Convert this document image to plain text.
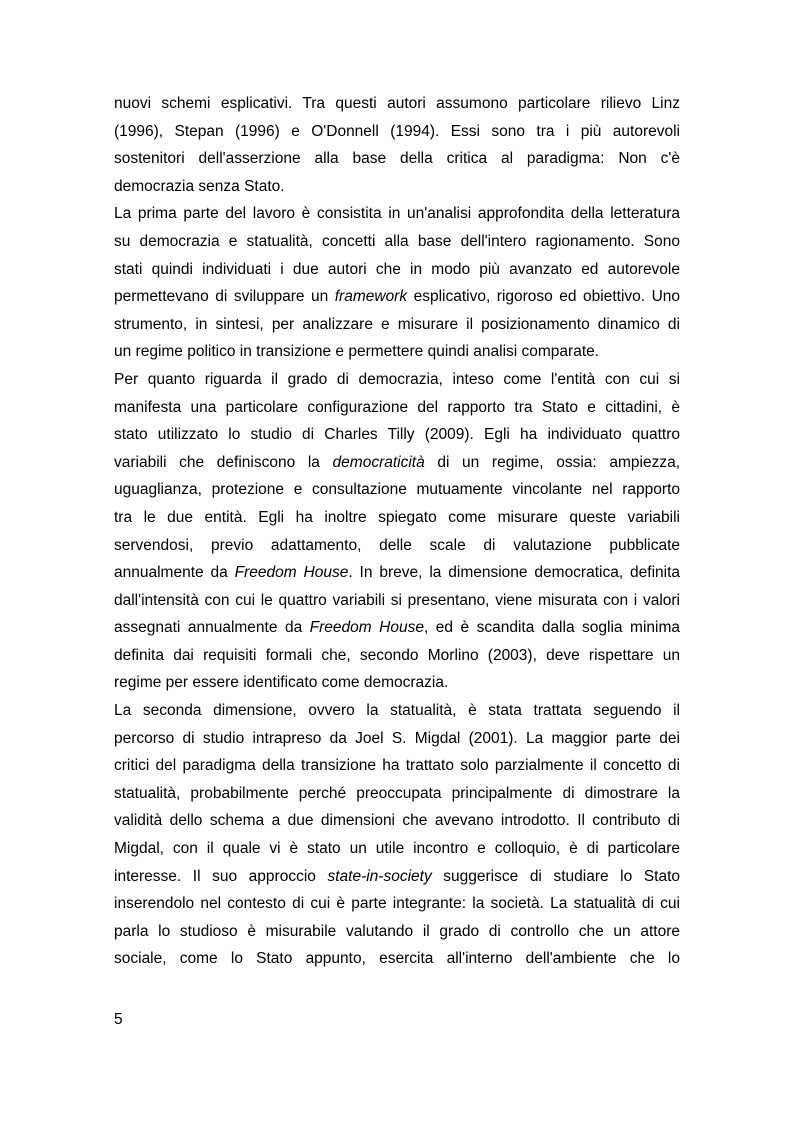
nuovi schemi esplicativi. Tra questi autori assumono particolare rilievo Linz
(1996), Stepan (1996) e O'Donnell (1994). Essi sono tra i più autorevoli
sostenitori dell'asserzione alla base della critica al paradigma: Non c'è
democrazia senza Stato.
La prima parte del lavoro è consistita in un'analisi approfondita della letteratura
su democrazia e statualità, concetti alla base dell'intero ragionamento. Sono
stati quindi individuati i due autori che in modo più avanzato ed autorevole
permettevano di sviluppare un framework esplicativo, rigoroso ed obiettivo. Uno
strumento, in sintesi, per analizzare e misurare il posizionamento dinamico di
un regime politico in transizione e permettere quindi analisi comparate.
Per quanto riguarda il grado di democrazia, inteso come l'entità con cui si
manifesta una particolare configurazione del rapporto tra Stato e cittadini, è
stato utilizzato lo studio di Charles Tilly (2009). Egli ha individuato quattro
variabili che definiscono la democraticità di un regime, ossia: ampiezza,
uguaglianza, protezione e consultazione mutuamente vincolante nel rapporto
tra le due entità. Egli ha inoltre spiegato come misurare queste variabili
servendosi, previo adattamento, delle scale di valutazione pubblicate
annualmente da Freedom House. In breve, la dimensione democratica, definita
dall'intensità con cui le quattro variabili si presentano, viene misurata con i valori
assegnati annualmente da Freedom House, ed è scandita dalla soglia minima
definita dai requisiti formali che, secondo Morlino (2003), deve rispettare un
regime per essere identificato come democrazia.
La seconda dimensione, ovvero la statualità, è stata trattata seguendo il
percorso di studio intrapreso da Joel S. Migdal (2001). La maggior parte dei
critici del paradigma della transizione ha trattato solo parzialmente il concetto di
statualità, probabilmente perché preoccupata principalmente di dimostrare la
validità dello schema a due dimensioni che avevano introdotto. Il contributo di
Migdal, con il quale vi è stato un utile incontro e colloquio, è di particolare
interesse. Il suo approccio state-in-society suggerisce di studiare lo Stato
inserendolo nel contesto di cui è parte integrante: la società. La statualità di cui
parla lo studioso è misurabile valutando il grado di controllo che un attore
sociale, come lo Stato appunto, esercita all'interno dell'ambiente che lo
5
